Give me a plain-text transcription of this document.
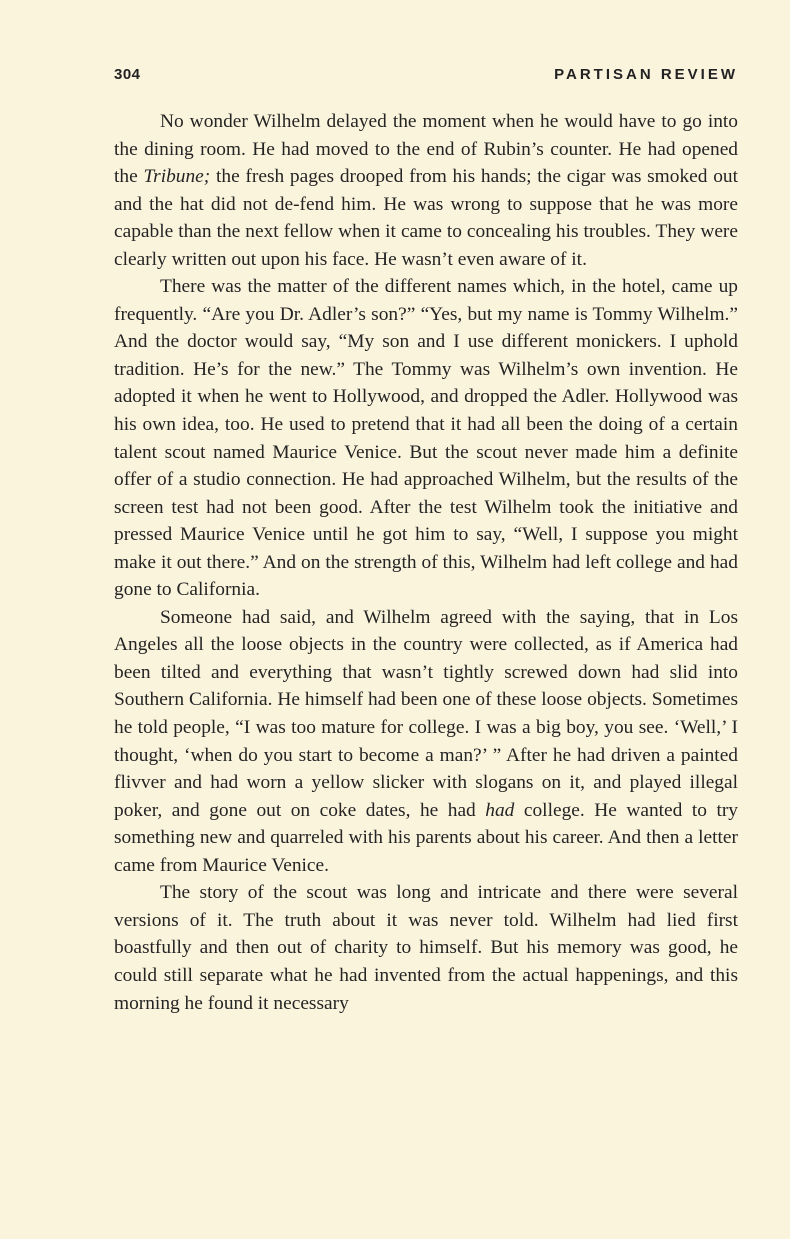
304	PARTISAN REVIEW

No wonder Wilhelm delayed the moment when he would have to go into the dining room. He had moved to the end of Rubin’s counter. He had opened the Tribune; the fresh pages drooped from his hands; the cigar was smoked out and the hat did not de-fend him. He was wrong to suppose that he was more capable than the next fellow when it came to concealing his troubles. They were clearly written out upon his face. He wasn’t even aware of it.

There was the matter of the different names which, in the hotel, came up frequently. “Are you Dr. Adler’s son?” “Yes, but my name is Tommy Wilhelm.” And the doctor would say, “My son and I use different monickers. I uphold tradition. He’s for the new.” The Tommy was Wilhelm’s own invention. He adopted it when he went to Hollywood, and dropped the Adler. Hollywood was his own idea, too. He used to pretend that it had all been the doing of a certain talent scout named Maurice Venice. But the scout never made him a definite offer of a studio connection. He had approached Wilhelm, but the results of the screen test had not been good. After the test Wilhelm took the initiative and pressed Maurice Venice until he got him to say, “Well, I suppose you might make it out there.” And on the strength of this, Wilhelm had left college and had gone to California.

Someone had said, and Wilhelm agreed with the saying, that in Los Angeles all the loose objects in the country were collected, as if America had been tilted and everything that wasn’t tightly screwed down had slid into Southern California. He himself had been one of these loose objects. Sometimes he told people, “I was too mature for college. I was a big boy, you see. ‘Well,’ I thought, ‘when do you start to become a man?’ ” After he had driven a painted flivver and had worn a yellow slicker with slogans on it, and played illegal poker, and gone out on coke dates, he had had college. He wanted to try something new and quarreled with his parents about his career. And then a letter came from Maurice Venice.

The story of the scout was long and intricate and there were several versions of it. The truth about it was never told. Wilhelm had lied first boastfully and then out of charity to himself. But his memory was good, he could still separate what he had invented from the actual happenings, and this morning he found it necessary
